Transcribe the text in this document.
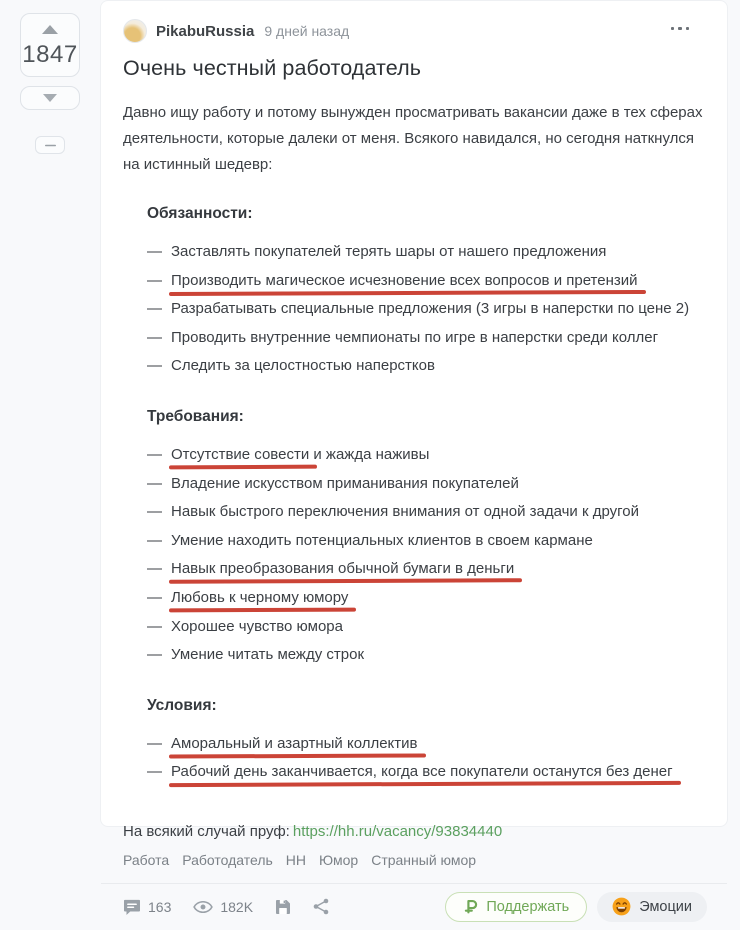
1847
PikabuRussia 9 дней назад
Очень честный работодатель

Давно ищу работу и потому вынужден просматривать вакансии даже в тех сферах деятельности, которые далеки от меня. Всякого навидался, но сегодня наткнулся на истинный шедевр:

Обязанности:
— Заставлять покупателей терять шары от нашего предложения
— Производить магическое исчезновение всех вопросов и претензий
— Разрабатывать специальные предложения (3 игры в наперстки по цене 2)
— Проводить внутренние чемпионаты по игре в наперстки среди коллег
— Следить за целостностью наперстков
Требования:
— Отсутствие совести и жажда наживы
— Владение искусством приманивания покупателей
— Навык быстрого переключения внимания от одной задачи к другой
— Умение находить потенциальных клиентов в своем кармане
— Навык преобразования обычной бумаги в деньги
— Любовь к черному юмору
— Хорошее чувство юмора
— Умение читать между строк
Условия:
— Аморальный и азартный коллектив
— Рабочий день заканчивается, когда все покупатели останутся без денег

На всякий случай пруф: https://hh.ru/vacancy/93834440

Работа Работодатель НН Юмор Странный юмор
163	182K	Поддержать	Эмоции
